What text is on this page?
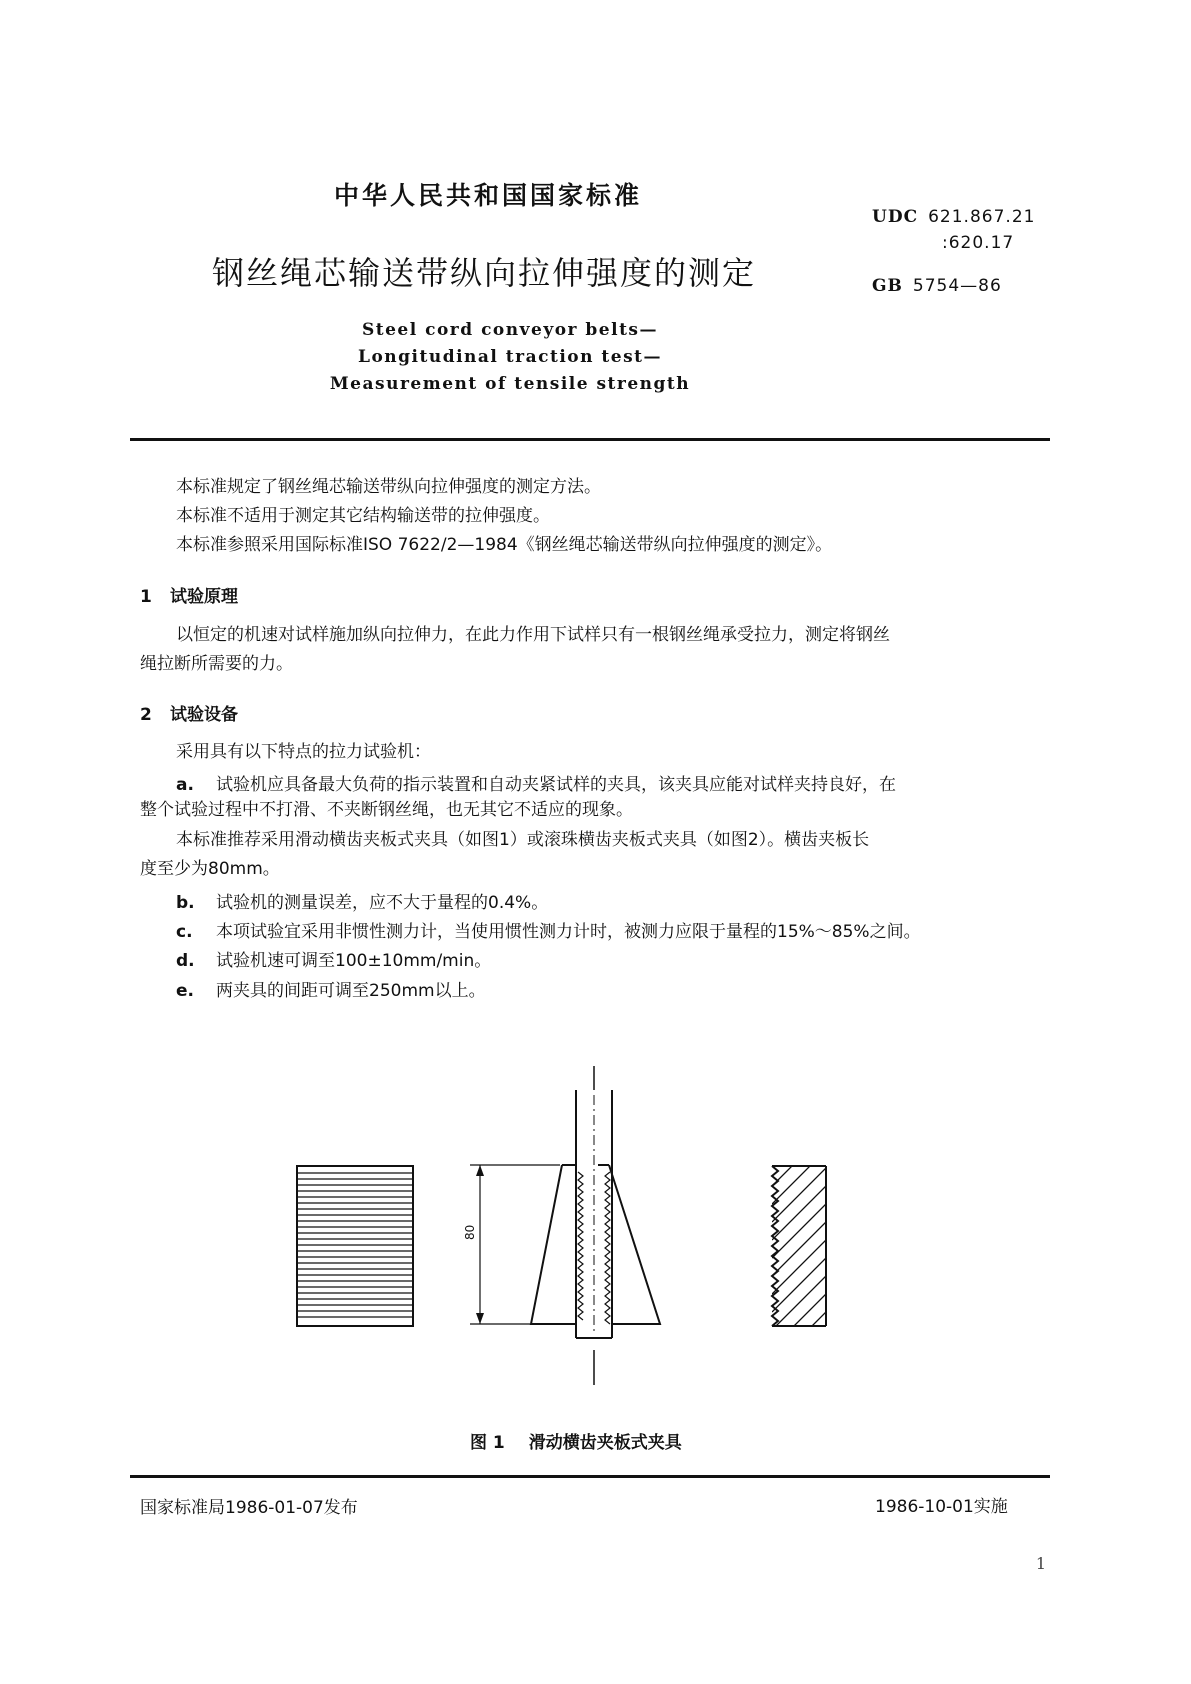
中华人民共和国国家标准
UDC 621.867.21
:620.17
钢丝绳芯输送带纵向拉伸强度的测定	GB 5754—86
Steel cord conveyor belts—
Longitudinal traction test—
Measurement of tensile strength
本标准规定了钢丝绳芯输送带纵向拉伸强度的测定方法。
本标准不适用于测定其它结构输送带的拉伸强度。
本标准参照采用国际标准ISO 7622/2—1984《钢丝绳芯输送带纵向拉伸强度的测定》。
1 试验原理
以恒定的机速对试样施加纵向拉伸力，在此力作用下试样只有一根钢丝绳承受拉力，测定将钢丝
绳拉断所需要的力。
2 试验设备
采用具有以下特点的拉力试验机：
a. 试验机应具备最大负荷的指示装置和自动夹紧试样的夹具，该夹具应能对试样夹持良好，在
整个试验过程中不打滑、不夹断钢丝绳，也无其它不适应的现象。
本标准推荐采用滑动横齿夹板式夹具（如图1）或滚珠横齿夹板式夹具（如图2）。横齿夹板长
度至少为80mm。
b. 试验机的测量误差，应不大于量程的0.4%。
c. 本项试验宜采用非惯性测力计，当使用惯性测力计时，被测力应限于量程的15%～85%之间。
d. 试验机速可调至100±10mm/min。
e. 两夹具的间距可调至250mm以上。
80
图 1 滑动横齿夹板式夹具
国家标准局1986-01-07发布	1986-10-01实施
1
